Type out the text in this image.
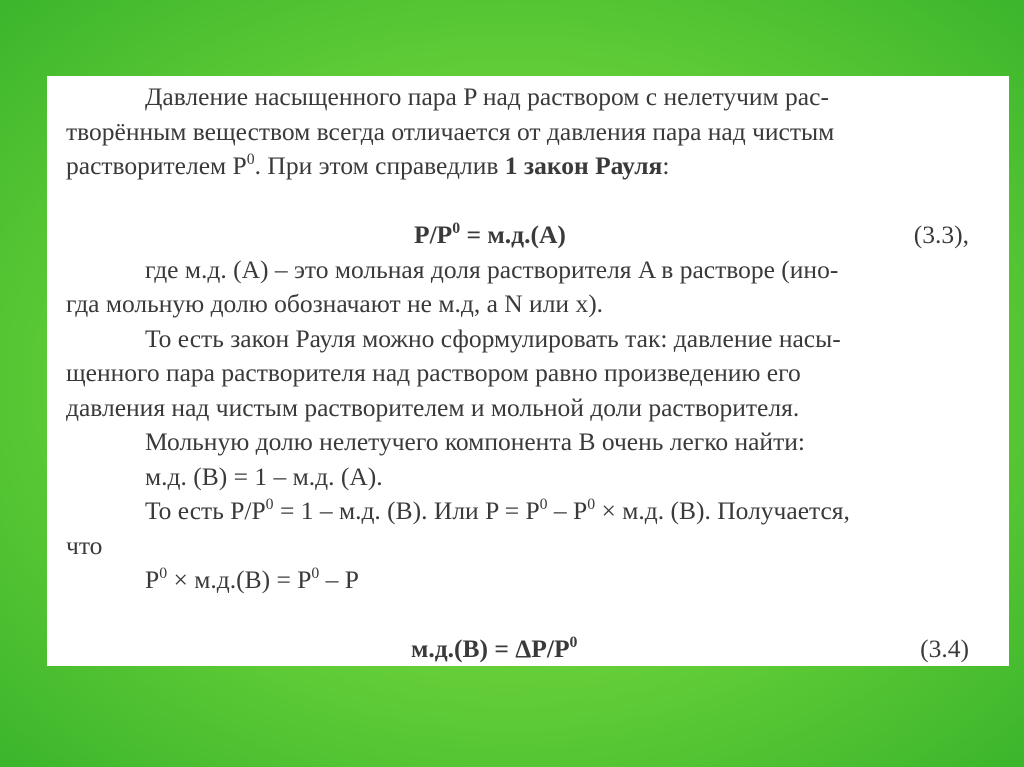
Давление насыщенного пара P над раствором с нелетучим рас-
творённым веществом всегда отличается от давления пара над чистым
растворителем $P^0$. При этом справедлив 1 закон Рауля:
$P/P^0 = м.д.(A)$	(3.3),
где м.д. (A) – это мольная доля растворителя A в растворе (ино-
гда мольную долю обозначают не м.д, а N или x).
То есть закон Рауля можно сформулировать так: давление насы-
щенного пара растворителя над раствором равно произведению его
давления над чистым растворителем и мольной доли растворителя.
Мольную долю нелетучего компонента B очень легко найти:
м.д. (B) = 1 – м.д. (A).
То есть $P/P^0 = 1 - м.д$. (B). Или $P = P^0 - P^0 \times м.д$. (B). Получается,
что
$P^0 \times м.д.(B) = P^0 - P$
$м.д.(B) = \Delta P/P^0$	(3.4)
